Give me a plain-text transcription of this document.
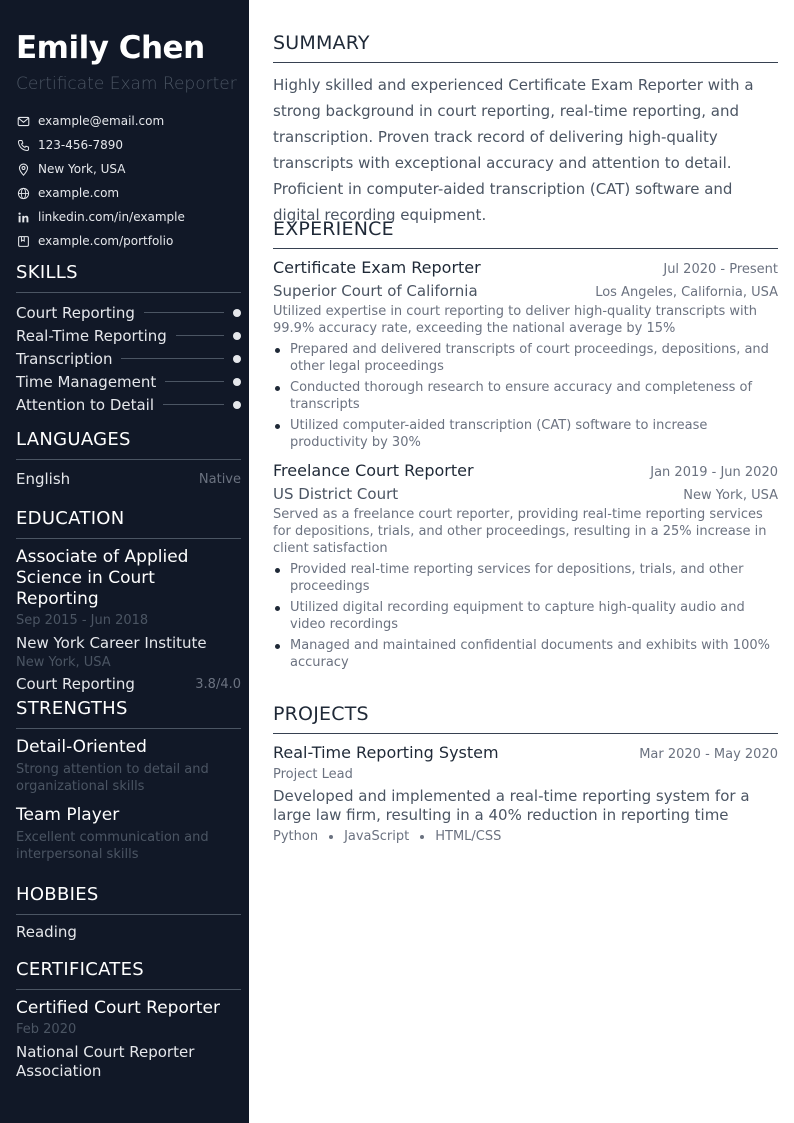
Emily Chen
Certificate Exam Reporter
example@email.com
123-456-7890
New York, USA
example.com
linkedin.com/in/example
example.com/portfolio
SKILLS
Court Reporting
Real-Time Reporting
Transcription
Time Management
Attention to Detail
LANGUAGES
English	Native
EDUCATION
Associate of Applied Science in Court Reporting
Sep 2015 - Jun 2018
New York Career Institute
New York, USA
Court Reporting	3.8/4.0
STRENGTHS
Detail-Oriented
Strong attention to detail and organizational skills
Team Player
Excellent communication and interpersonal skills
HOBBIES
Reading
CERTIFICATES
Certified Court Reporter
Feb 2020
National Court Reporter Association
SUMMARY

Highly skilled and experienced Certificate Exam Reporter with a strong background in court reporting, real-time reporting, and transcription. Proven track record of delivering high-quality transcripts with exceptional accuracy and attention to detail. Proficient in computer-aided transcription (CAT) software and digital recording equipment.

EXPERIENCE
Certificate Exam Reporter	Jul 2020 - Present
Superior Court of California	Los Angeles, California, USA

Utilized expertise in court reporting to deliver high-quality transcripts with 99.9% accuracy rate, exceeding the national average by 15%

Prepared and delivered transcripts of court proceedings, depositions, and other legal proceedings
Conducted thorough research to ensure accuracy and completeness of transcripts
Utilized computer-aided transcription (CAT) software to increase productivity by 30%
Freelance Court Reporter	Jan 2019 - Jun 2020
US District Court	New York, USA

Served as a freelance court reporter, providing real-time reporting services for depositions, trials, and other proceedings, resulting in a 25% increase in client satisfaction

Provided real-time reporting services for depositions, trials, and other proceedings
Utilized digital recording equipment to capture high-quality audio and video recordings
Managed and maintained confidential documents and exhibits with 100% accuracy
PROJECTS
Real-Time Reporting System	Mar 2020 - May 2020
Project Lead

Developed and implemented a real-time reporting system for a large law firm, resulting in a 40% reduction in reporting time

Python JavaScript HTML/CSS
